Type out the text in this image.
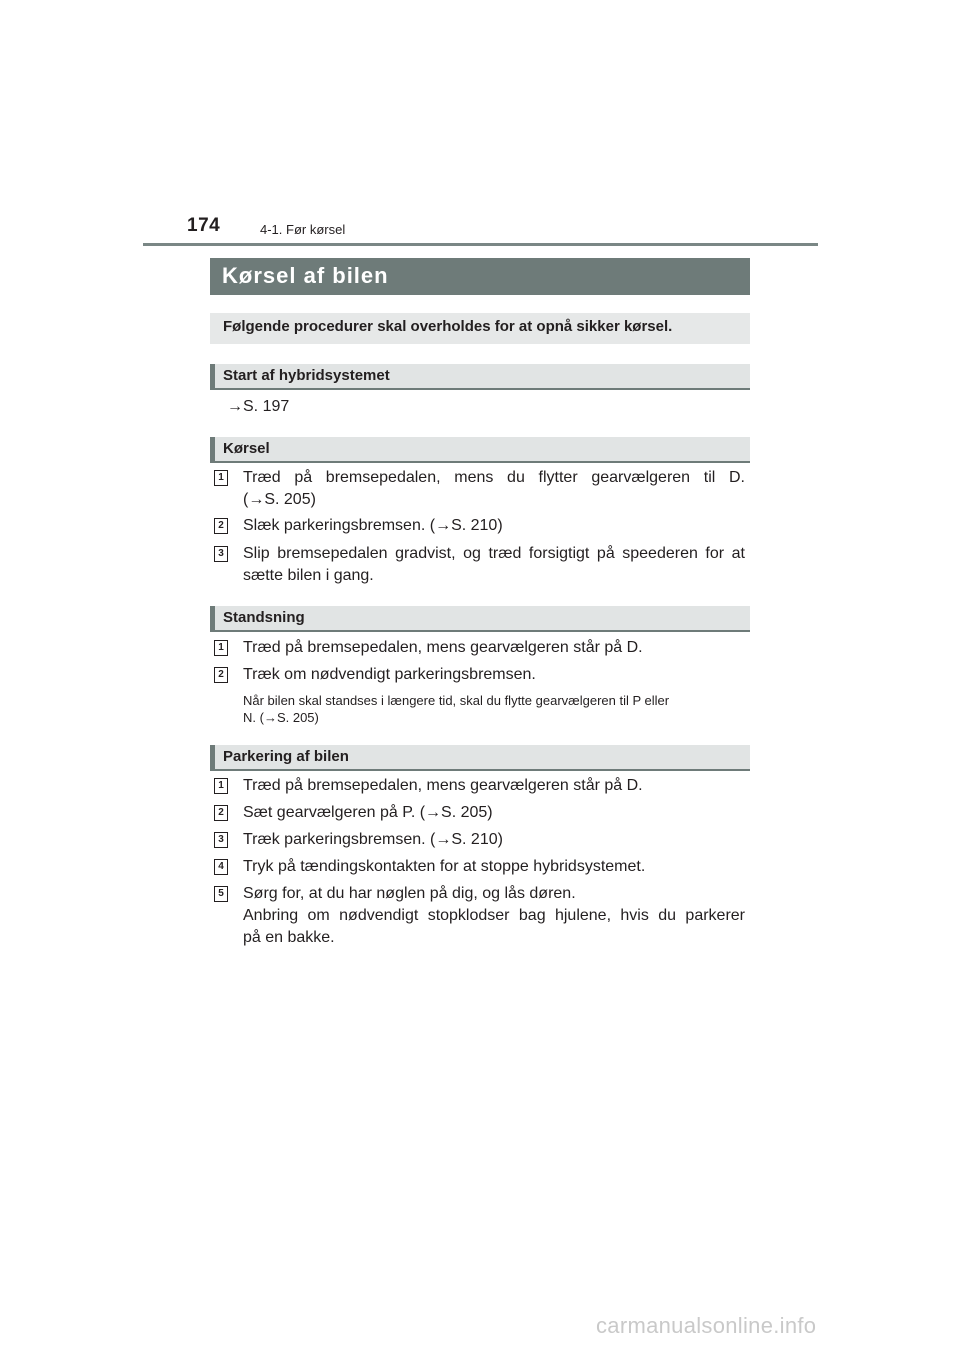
174	4-1. Før kørsel
Kørsel af bilen
Følgende procedurer skal overholdes for at opnå sikker kørsel.
Start af hybridsystemet
→S. 197
Kørsel
1 Træd på bremsepedalen, mens du flytter gearvælgeren til D.
(→S. 205)
2 Slæk parkeringsbremsen. (→S. 210)
3 Slip bremsepedalen gradvist, og træd forsigtigt på speederen for at
sætte bilen i gang.
Standsning
1 Træd på bremsepedalen, mens gearvælgeren står på D.
2 Træk om nødvendigt parkeringsbremsen.
Når bilen skal standses i længere tid, skal du flytte gearvælgeren til P eller
N. (→S. 205)
Parkering af bilen
1 Træd på bremsepedalen, mens gearvælgeren står på D.
2 Sæt gearvælgeren på P. (→S. 205)
3 Træk parkeringsbremsen. (→S. 210)
4 Tryk på tændingskontakten for at stoppe hybridsystemet.
5 Sørg for, at du har nøglen på dig, og lås døren.
Anbring om nødvendigt stopklodser bag hjulene, hvis du parkerer
på en bakke.
carmanualsonline.info
